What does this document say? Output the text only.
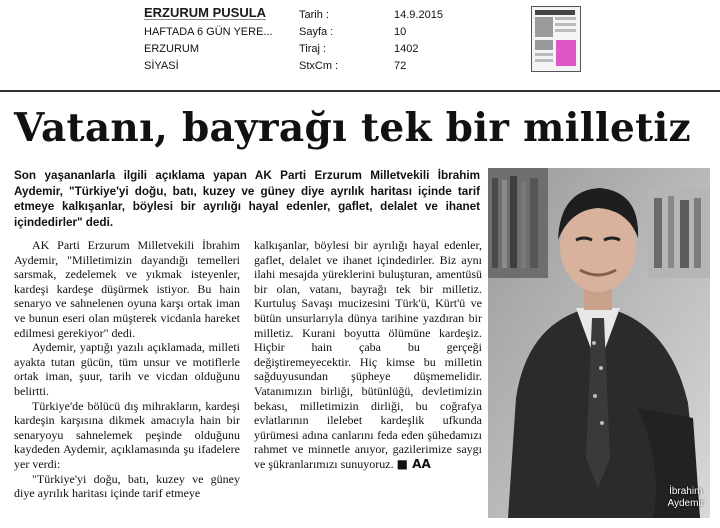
ERZURUM PUSULA
HAFTADA 6 GÜN YERE...
ERZURUM
SİYASİ
Tarih :	14.9.2015
Sayfa :	10
Tiraj :	1402
StxCm :	72
Vatanı, bayrağı tek bir milletiz
Son yaşananlarla ilgili açıklama yapan AK Parti Erzurum Milletvekili İbrahim Aydemir, "Türkiye'yi doğu, batı, kuzey ve güney diye ayrılık haritası içinde tarif etmeye kalkışanlar, böylesi bir ayrılığı hayal edenler, gaflet, delalet ve ihanet içindedirler" dedi.

AK Parti Erzurum Milletvekili İbrahim Aydemir, "Milletimizin dayandığı temelleri sarsmak, zedelemek ve yıkmak isteyenler, kardeşi kardeşe düşürmek istiyor. Bu hain senaryo ve sahnelenen oyuna karşı ortak iman ve bunun eseri olan müşterek vicdanla hareket edilmesi gerekiyor" dedi.

Aydemir, yaptığı yazılı açıklamada, milleti ayakta tutan gücün, tüm unsur ve motiflerle ortak iman, şuur, tarih ve vicdan olduğunu belirtti.

Türkiye'de bölücü dış mihrakların, kardeşi kardeşin karşısına dikmek amacıyla hain bir senaryoyu sahnelemek peşinde olduğunu kaydeden Aydemir, açıklamasında şu ifadelere yer verdi:

"Türkiye'yi doğu, batı, kuzey ve güney diye ayrılık haritası içinde tarif etmeye

kalkışanlar, böylesi bir ayrılığı hayal edenler, gaflet, delalet ve ihanet içindedirler. Biz aynı ilahi mesajda yüreklerini buluşturan, amentüsü bir olan, vatanı, bayrağı tek bir milletiz. Kurtuluş Savaşı mucizesini Türk'ü, Kürt'ü ve bütün unsurlarıyla dünya tarihine yazdıran bir milletiz. Kurani boyutta ölümüne kardeşiz. Hiçbir hain çaba bu gerçeği değiştiremeyecektir. Hiç kimse bu milletin sağduyusundan şüpheye düşmemelidir. Vatanımızın birliği, bütünlüğü, devletimizin bekası, milletimizin dirliği, bu coğrafya evlatlarının ilelebet kardeşlik ufkunda yürümesi adına canlarını feda eden şühedamızı rahmet ve minnetle anıyor, gazilerimize saygı ve şükranlarımızı sunuyoruz. ■ AA

İbrahim
Aydemir
